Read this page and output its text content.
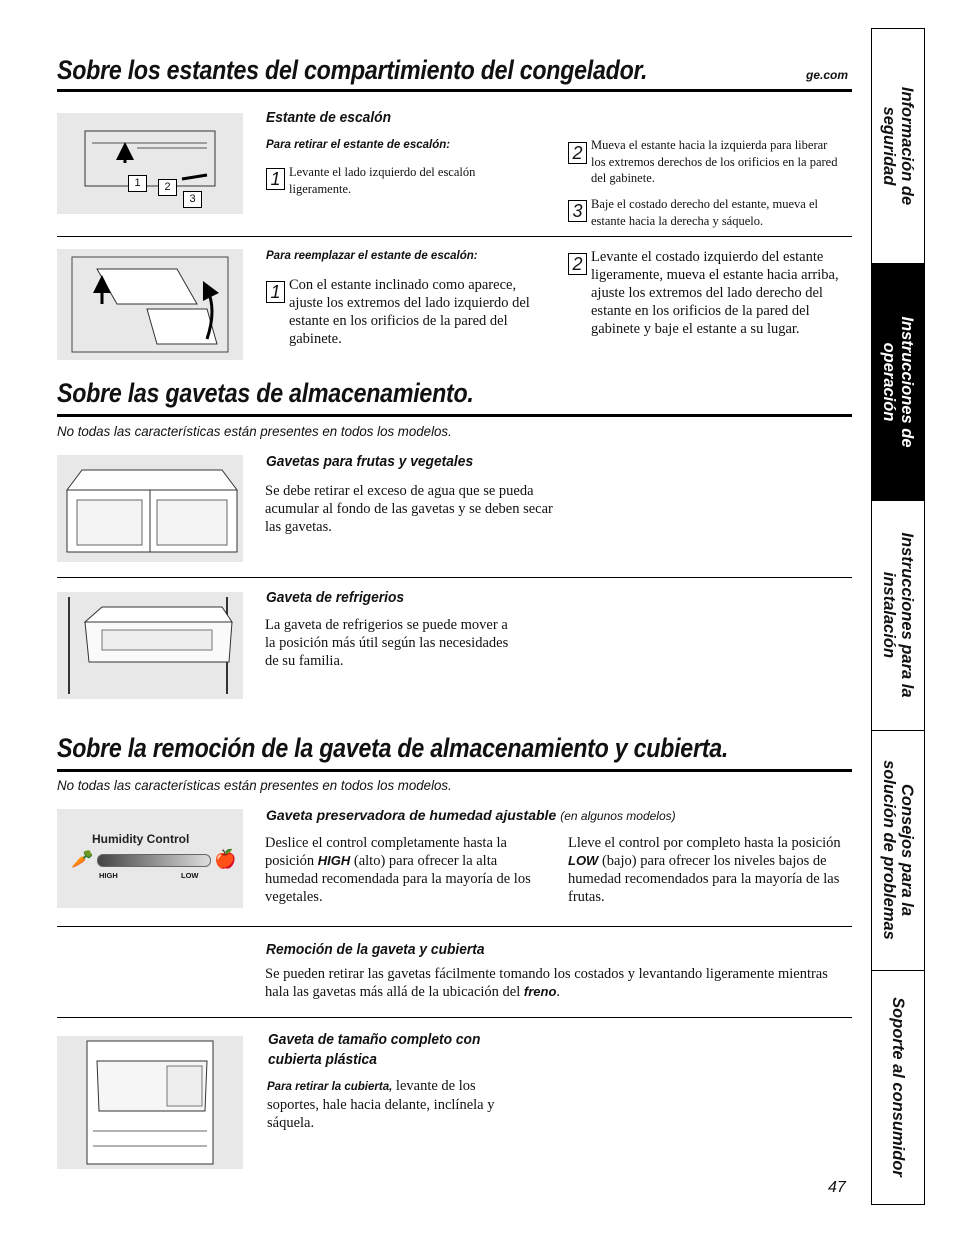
Sobre los estantes del compartimiento del congelador.	ge.com
1	2
3
Estante de escalón
Para retirar el estante de escalón:
1 Levante el lado izquierdo del escalón ligeramente.
2 Mueva el estante hacia la izquierda para liberar los extremos derechos de los orificios en la pared del gabinete.
3 Baje el costado derecho del estante, mueva el estante hacia la derecha y sáquelo.
Para reemplazar el estante de escalón:
1 Con el estante inclinado como aparece, ajuste los extremos del lado izquierdo del estante en los orificios de la pared del gabinete.
2 Levante el costado izquierdo del estante ligeramente, mueva el estante hacia arriba, ajuste los extremos del lado derecho del estante en los orificios de la pared del gabinete y baje el estante a su lugar.
Sobre las gavetas de almacenamiento.
No todas las características están presentes en todos los modelos.
Gavetas para frutas y vegetales
Se debe retirar el exceso de agua que se pueda acumular al fondo de las gavetas y se deben secar las gavetas.
Gaveta de refrigerios
La gaveta de refrigerios se puede mover a la posición más útil según las necesidades de su familia.
Sobre la remoción de la gaveta de almacenamiento y cubierta.
No todas las características están presentes en todos los modelos.
Humidity Control
HIGH	LOW
🥕	🍎
Gaveta preservadora de humedad ajustable (en algunos modelos)
Deslice el control completamente hasta la posición HIGH (alto) para ofrecer la alta humedad recomendada para la mayoría de los vegetales.
Lleve el control por completo hasta la posición LOW (bajo) para ofrecer los niveles bajos de humedad recomendados para la mayoría de las frutas.
Remoción de la gaveta y cubierta
Se pueden retirar las gavetas fácilmente tomando los costados y levantando ligeramente mientras hala las gavetas más allá de la ubicación del freno.
Gaveta de tamaño completo con
cubierta plástica
Para retirar la cubierta, levante de los soportes, hale hacia delante, inclínela y sáquela.
47
Información de
seguridad
Instrucciones de
operación
Instrucciones para la
instalación
Consejos para la
solución de problemas
Soporte al consumidor
